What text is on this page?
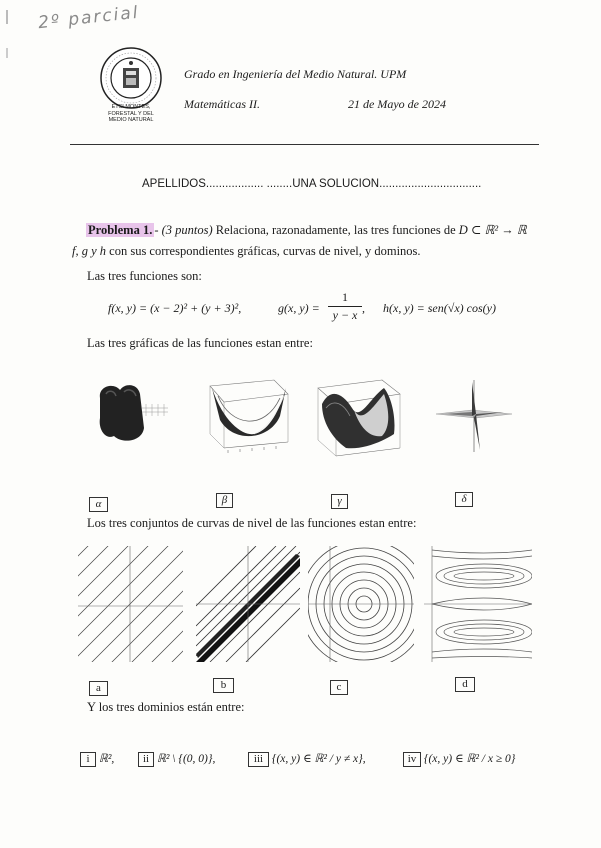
2º parcial
ETSI MONTES,
FORESTAL Y DEL
MEDIO NATURAL
Grado en Ingeniería del Medio Natural. UPM
Matemáticas II.	21 de Mayo de 2024
APELLIDOS.................. ........UNA SOLUCION................................
Problema 1. - (3 puntos) Relaciona, razonadamente, las tres funciones de D ⊂ ℝ² → ℝ
f, g y h con sus correspondientes gráficas, curvas de nivel, y dominos.
Las tres funciones son:
f(x, y) = (x − 2)² + (y + 3)²,	g(x, y) =
1
y − x , h(x, y) = sen(√x) cos(y)
Las tres gráficas de las funciones estan entre:
α	β	γ	δ
Los tres conjuntos de curvas de nivel de las funciones estan entre:
a	b	c	d
Y los tres dominios están entre:
i ℝ²,	ii ℝ² \ {(0, 0)},	iii {(x, y) ∈ ℝ² / y ≠ x},	iv {(x, y) ∈ ℝ² / x ≥ 0}
